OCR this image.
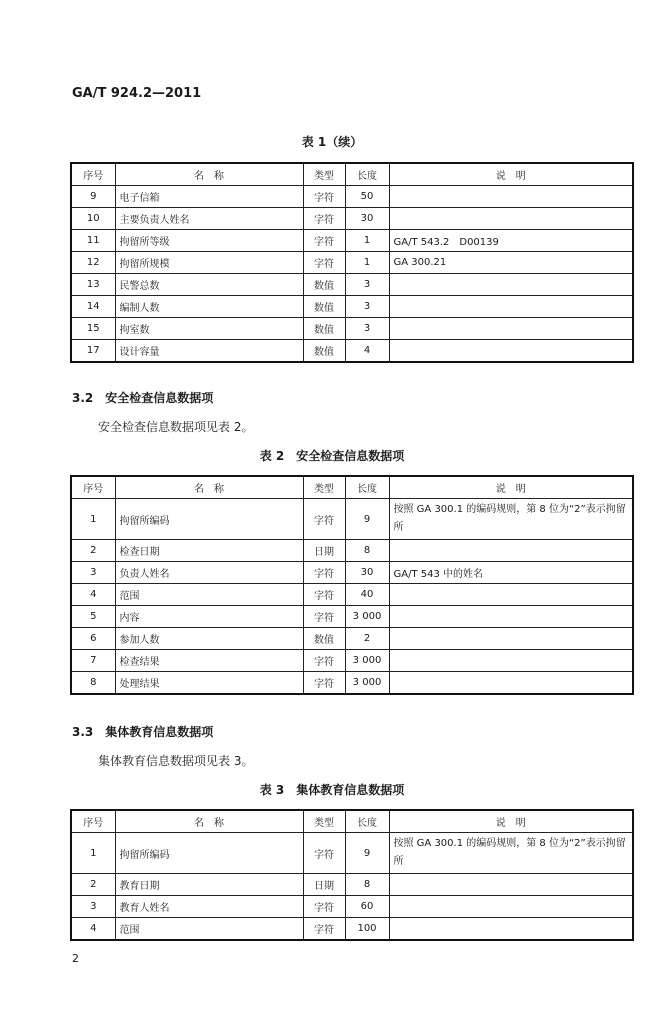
GA/T 924.2—2011
表 1（续）
序号	名　称	类型	长度	说　明
9	电子信箱	字符	50	
10	主要负责人姓名	字符	30	
11	拘留所等级	字符	1	GA/T 543.2　D00139
12	拘留所规模	字符	1	GA 300.21
13	民警总数	数值	3	
14	编制人数	数值	3	
15	拘室数	数值	3	
17	设计容量	数值	4	
3.2　安全检查信息数据项
安全检查信息数据项见表 2。
表 2　安全检查信息数据项
序号	名　称	类型	长度	说　明
1	拘留所编码	字符	9	按照 GA 300.1 的编码规则，第 8 位为“2”表示拘留所
2	检查日期	日期	8	
3	负责人姓名	字符	30	GA/T 543 中的姓名
4	范围	字符	40	
5	内容	字符	3 000	
6	参加人数	数值	2	
7	检查结果	字符	3 000	
8	处理结果	字符	3 000	
3.3　集体教育信息数据项
集体教育信息数据项见表 3。
表 3　集体教育信息数据项
序号	名　称	类型	长度	说　明
1	拘留所编码	字符	9	按照 GA 300.1 的编码规则，第 8 位为“2”表示拘留所
2	教育日期	日期	8	
3	教育人姓名	字符	60	
4	范围	字符	100	
2
